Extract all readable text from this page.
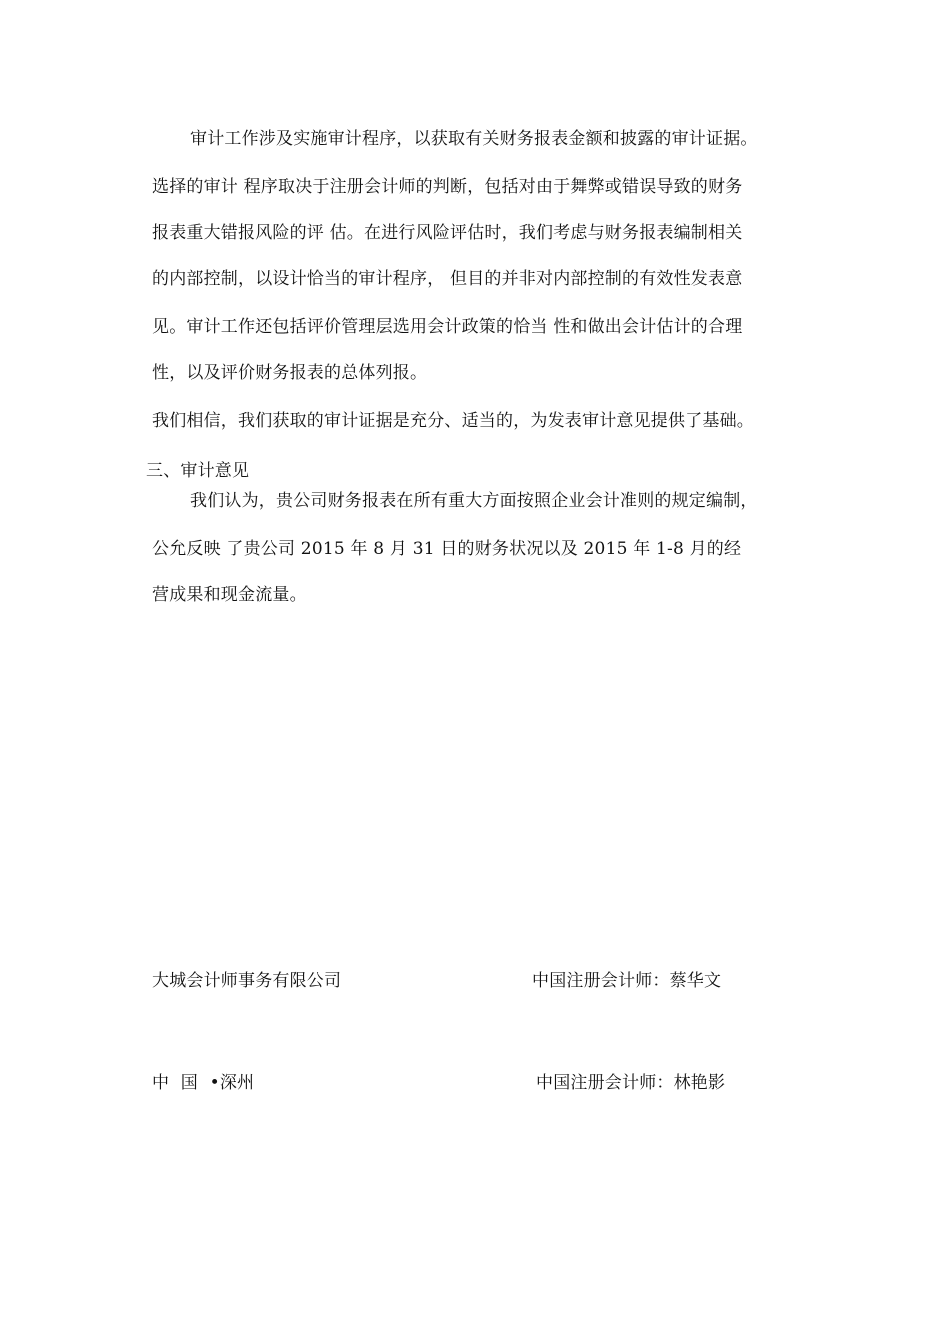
审计工作涉及实施审计程序，以获取有关财务报表金额和披露的审计证据。
选择的审计 程序取决于注册会计师的判断，包括对由于舞弊或错误导致的财务
报表重大错报风险的评 估。在进行风险评估时，我们考虑与财务报表编制相关
的内部控制，以设计恰当的审计程序， 但目的并非对内部控制的有效性发表意
见。审计工作还包括评价管理层选用会计政策的恰当 性和做出会计估计的合理
性，以及评价财务报表的总体列报。
我们相信，我们获取的审计证据是充分、适当的，为发表审计意见提供了基础。
三、审计意见
我们认为，贵公司财务报表在所有重大方面按照企业会计准则的规定编制，
公允反映 了贵公司 2015 年 8 月 31 日的财务状况以及 2015 年 1-8 月的经
营成果和现金流量。
大城会计师事务有限公司	中国注册会计师：蔡华文
中 国 •深州	中国注册会计师：林艳影
